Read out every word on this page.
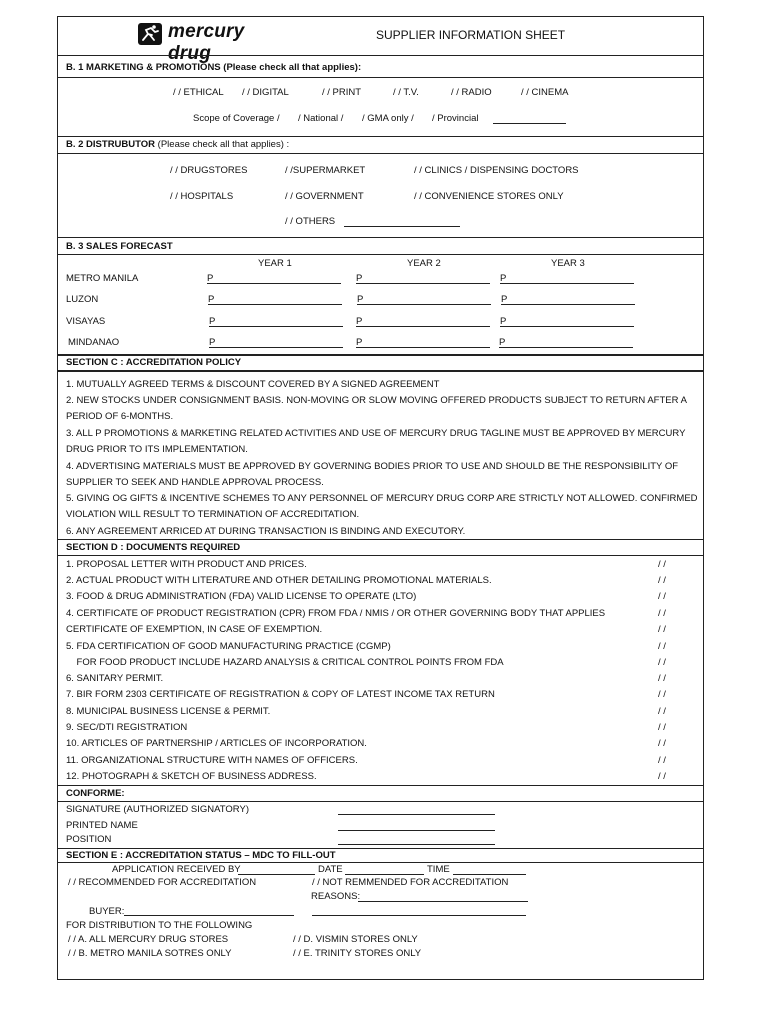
mercury drug
SUPPLIER INFORMATION SHEET
B. 1 MARKETING & PROMOTIONS (Please check all that applies):
/ / ETHICAL / / DIGITAL	/ / PRINT	/ / T.V.	/ / RADIO	/ / CINEMA
Scope of Coverage / / National / / GMA only / / Provincial
B. 2 DISTRUBUTOR (Please check all that applies) :
/ / DRUGSTORES	/ /SUPERMARKET	/ / CLINICS / DISPENSING DOCTORS
/ / HOSPITALS	/ / GOVERNMENT	/ / CONVENIENCE STORES ONLY
/ / OTHERS
B. 3 SALES FORECAST
YEAR 1	YEAR 2	YEAR 3
METRO MANILA	P	P	P
LUZON	P	P	P
VISAYAS	P	P	P
MINDANAO	P	P	P
SECTION C : ACCREDITATION POLICY
1. MUTUALLY AGREED TERMS & DISCOUNT COVERED BY A SIGNED AGREEMENT
2. NEW STOCKS UNDER CONSIGNMENT BASIS. NON-MOVING OR SLOW MOVING OFFERED PRODUCTS SUBJECT TO RETURN AFTER A
PERIOD OF 6-MONTHS.
3. ALL P PROMOTIONS & MARKETING RELATED ACTIVITIES AND USE OF MERCURY DRUG TAGLINE MUST BE APPROVED BY MERCURY
DRUG PRIOR TO ITS IMPLEMENTATION.
4. ADVERTISING MATERIALS MUST BE APPROVED BY GOVERNING BODIES PRIOR TO USE AND SHOULD BE THE RESPONSIBILITY OF
SUPPLIER TO SEEK AND HANDLE APPROVAL PROCESS.
5. GIVING OG GIFTS & INCENTIVE SCHEMES TO ANY PERSONNEL OF MERCURY DRUG CORP ARE STRICTLY NOT ALLOWED. CONFIRMED
VIOLATION WILL RESULT TO TERMINATION OF ACCREDITATION.
6. ANY AGREEMENT ARRICED AT DURING TRANSACTION IS BINDING AND EXECUTORY.
SECTION D : DOCUMENTS REQUIRED
1. PROPOSAL LETTER WITH PRODUCT AND PRICES.	/ /
2. ACTUAL PRODUCT WITH LITERATURE AND OTHER DETAILING PROMOTIONAL MATERIALS.	/ /
3. FOOD & DRUG ADMINISTRATION (FDA) VALID LICENSE TO OPERATE (LTO)	/ /
4. CERTIFICATE OF PRODUCT REGISTRATION (CPR) FROM FDA / NMIS / OR OTHER GOVERNING BODY THAT APPLIES	/ /
CERTIFICATE OF EXEMPTION, IN CASE OF EXEMPTION.	/ /
5. FDA CERTIFICATION OF GOOD MANUFACTURING PRACTICE (CGMP)	/ /
FOR FOOD PRODUCT INCLUDE HAZARD ANALYSIS & CRITICAL CONTROL POINTS FROM FDA	/ /
6. SANITARY PERMIT.	/ /
7. BIR FORM 2303 CERTIFICATE OF REGISTRATION & COPY OF LATEST INCOME TAX RETURN	/ /
8. MUNICIPAL BUSINESS LICENSE & PERMIT.	/ /
9. SEC/DTI REGISTRATION	/ /
10. ARTICLES OF PARTNERSHIP / ARTICLES OF INCORPORATION.	/ /
11. ORGANIZATIONAL STRUCTURE WITH NAMES OF OFFICERS.	/ /
12. PHOTOGRAPH & SKETCH OF BUSINESS ADDRESS.	/ /
CONFORME:
SIGNATURE (AUTHORIZED SIGNATORY)
PRINTED NAME
POSITION
SECTION E : ACCREDITATION STATUS – MDC TO FILL-OUT
APPLICATION RECEIVED BY	DATE	TIME
/ / RECOMMENDED FOR ACCREDITATION	/ / NOT REMMENDED FOR ACCREDITATION
REASONS:
BUYER:
FOR DISTRIBUTION TO THE FOLLOWING
/ / A. ALL MERCURY DRUG STORES	/ / D. VISMIN STORES ONLY
/ / B. METRO MANILA SOTRES ONLY	/ / E. TRINITY STORES ONLY
